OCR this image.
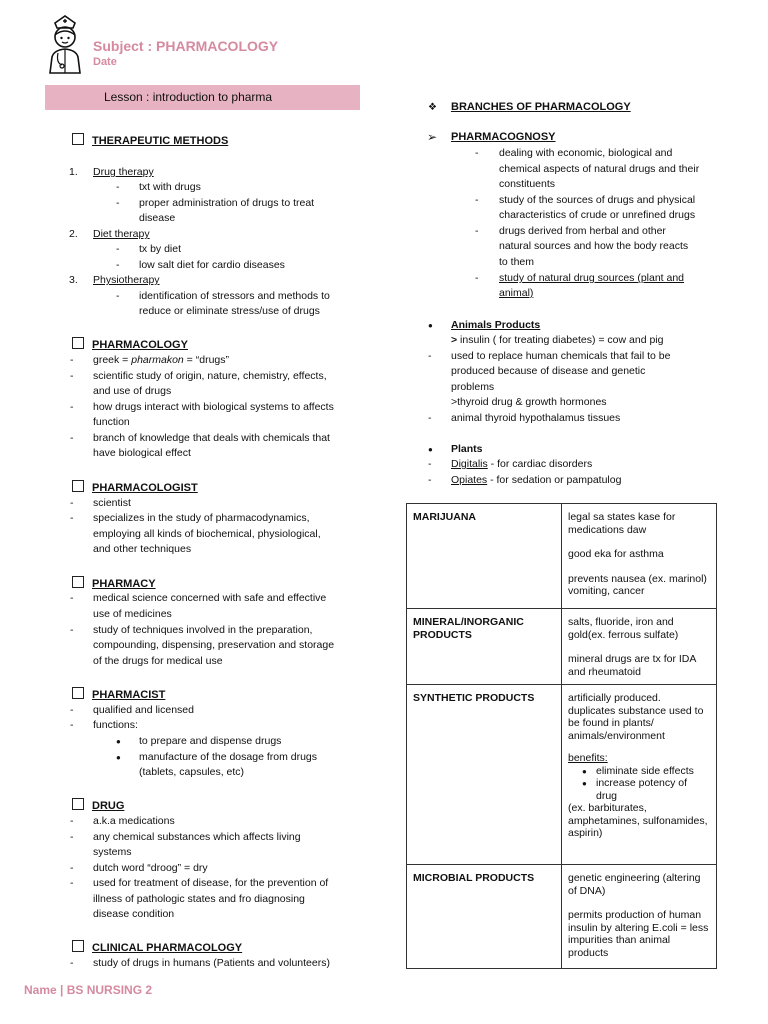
Subject : PHARMACOLOGY
Date
Lesson : introduction to pharma
THERAPEUTIC METHODS
1. Drug therapy
- txt with drugs
- proper administration of drugs to treat
disease
2. Diet therapy
- tx by diet
- low salt diet for cardio diseases
3. Physiotherapy
- identification of stressors and methods to
reduce or eliminate stress/use of drugs
PHARMACOLOGY
- greek = pharmakon = “drugs”
- scientific study of origin, nature, chemistry, effects,
and use of drugs
- how drugs interact with biological systems to affects
function
- branch of knowledge that deals with chemicals that
have biological effect
PHARMACOLOGIST
- scientist
- specializes in the study of pharmacodynamics,
employing all kinds of biochemical, physiological,
and other techniques
PHARMACY
- medical science concerned with safe and effective
use of medicines
- study of techniques involved in the preparation,
compounding, dispensing, preservation and storage
of the drugs for medical use
PHARMACIST
- qualified and licensed
- functions:
● to prepare and dispense drugs
● manufacture of the dosage from drugs
(tablets, capsules, etc)
DRUG
- a.k.a medications
- any chemical substances which affects living
systems
- dutch word “droog” = dry
- used for treatment of disease, for the prevention of
illness of pathologic states and fro diagnosing
disease condition
CLINICAL PHARMACOLOGY
- study of drugs in humans (Patients and volunteers)
❖ BRANCHES OF PHARMACOLOGY
➢ PHARMACOGNOSY
- dealing with economic, biological and
chemical aspects of natural drugs and their
constituents
- study of the sources of drugs and physical
characteristics of crude or unrefined drugs
- drugs derived from herbal and other
natural sources and how the body reacts
to them
- study of natural drug sources (plant and
animal)
● Animals Products
> insulin ( for treating diabetes) = cow and pig
- used to replace human chemicals that fail to be
produced because of disease and genetic
problems
>thyroid drug & growth hormones
- animal thyroid hypothalamus tissues
● Plants
- Digitalis - for cardiac disorders
- Opiates - for sedation or pampatulog
MARIJUANA	legal sa states kase for medications daw

good eka for asthma

prevents nausea (ex. marinol) vomiting, cancer

MINERAL/INORGANIC PRODUCTS	salts, fluoride, iron and gold(ex. ferrous sulfate)

mineral drugs are tx for IDA and rheumatoid

SYNTHETIC PRODUCTS	artificially produced. duplicates substance used to be found in plants/ animals/environment

benefits:
● eliminate side effects
● increase potency of drug
(ex. barbiturates, amphetamines, sulfonamides, aspirin)

MICROBIAL PRODUCTS	genetic engineering (altering of DNA)

permits production of human insulin by altering E.coli = less impurities than animal products

Name | BS NURSING 2
